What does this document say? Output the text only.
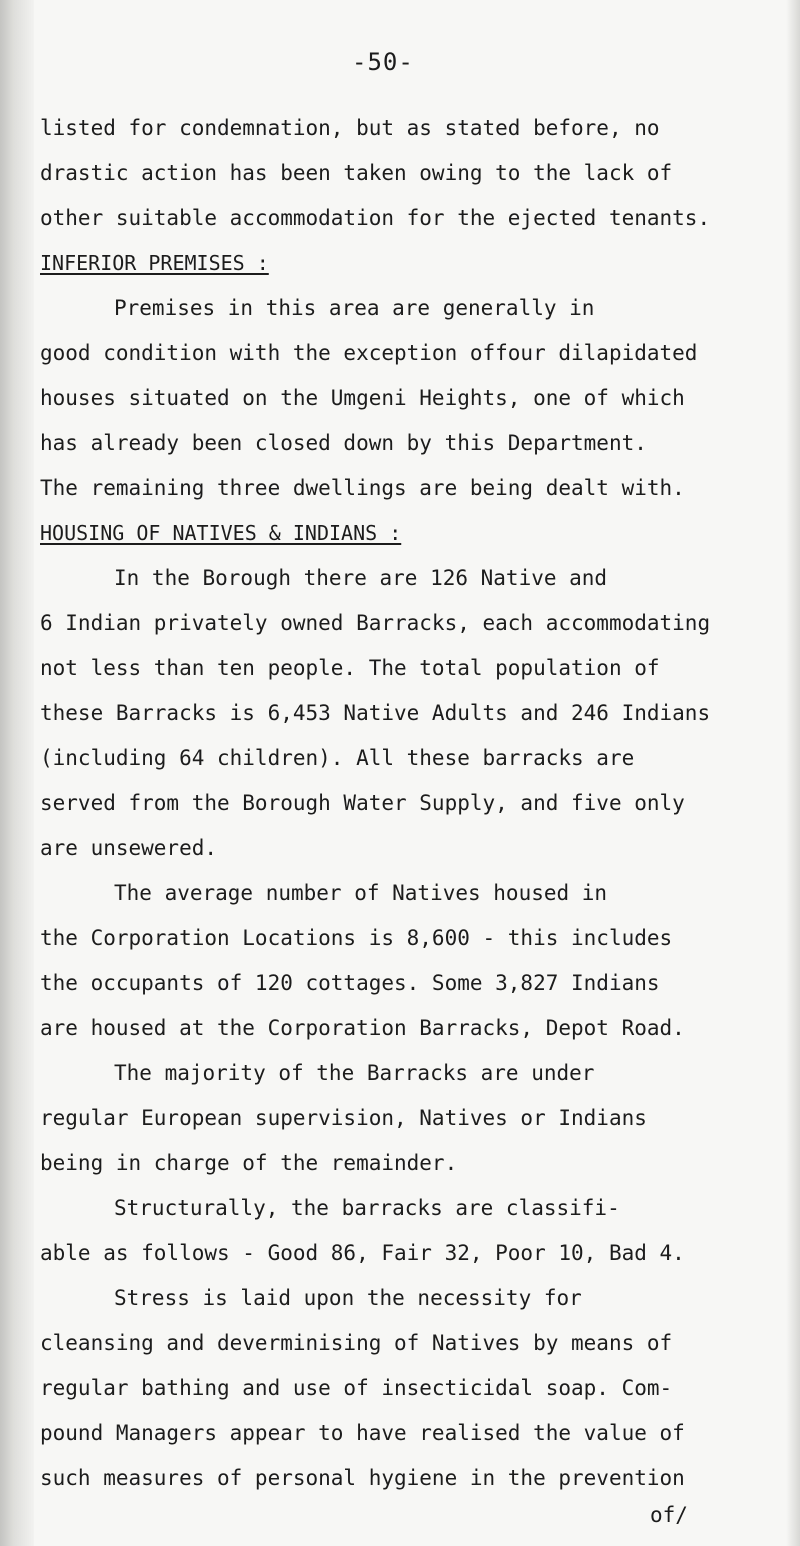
-50-
listed for condemnation, but as stated before, no
drastic action has been taken owing to the lack of
other suitable accommodation for the ejected tenants.
INFERIOR PREMISES :
Premises in this area are generally in
good condition with the exception offour dilapidated
houses situated on the Umgeni Heights, one of which
has already been closed down by this Department.
The remaining three dwellings are being dealt with.
HOUSING OF NATIVES & INDIANS :
In the Borough there are 126 Native and
6 Indian privately owned Barracks, each accommodating
not less than ten people. The total population of
these Barracks is 6,453 Native Adults and 246 Indians
(including 64 children). All these barracks are
served from the Borough Water Supply, and five only
are unsewered.
The average number of Natives housed in
the Corporation Locations is 8,600 - this includes
the occupants of 120 cottages. Some 3,827 Indians
are housed at the Corporation Barracks, Depot Road.
The majority of the Barracks are under
regular European supervision, Natives or Indians
being in charge of the remainder.
Structurally, the barracks are classifi-
able as follows - Good 86, Fair 32, Poor 10, Bad 4.
Stress is laid upon the necessity for
cleansing and deverminising of Natives by means of
regular bathing and use of insecticidal soap. Com-
pound Managers appear to have realised the value of
such measures of personal hygiene in the prevention
of/
